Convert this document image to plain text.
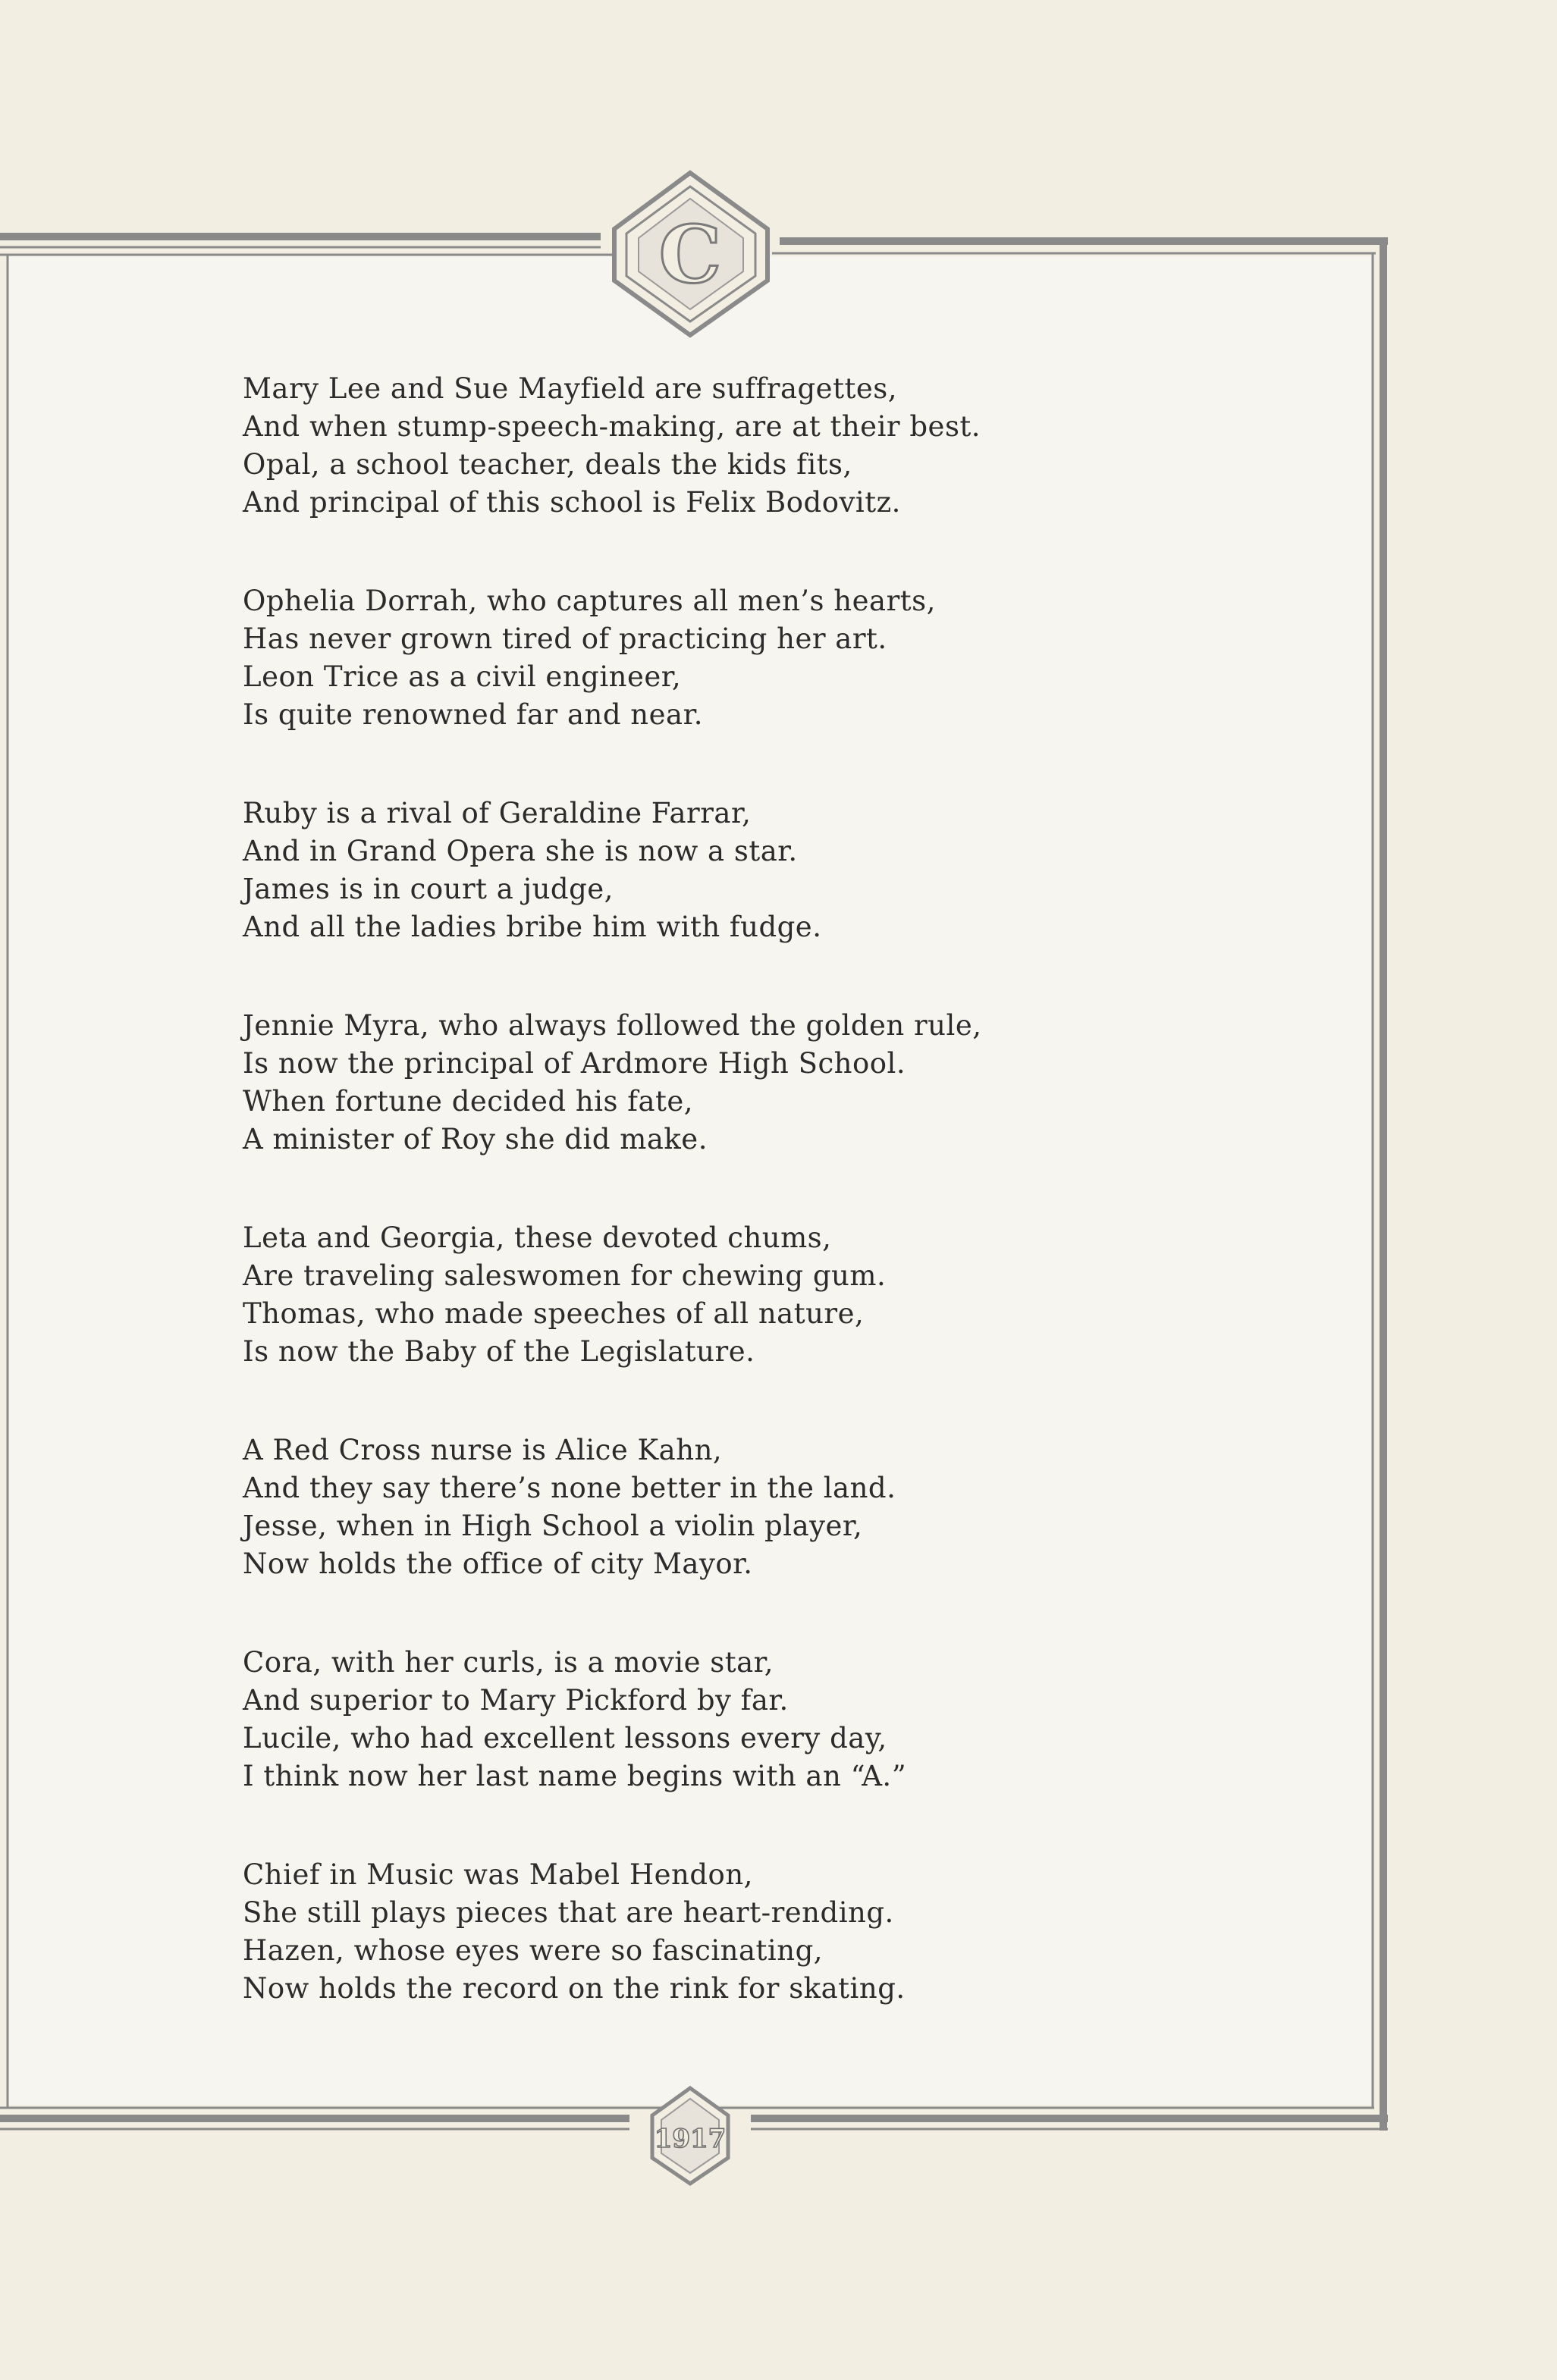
C
1917
Mary Lee and Sue Mayfield are suffragettes,
And when stump-speech-making, are at their best.
Opal, a school teacher, deals the kids fits,
And principal of this school is Felix Bodovitz.
Ophelia Dorrah, who captures all men’s hearts,
Has never grown tired of practicing her art.
Leon Trice as a civil engineer,
Is quite renowned far and near.
Ruby is a rival of Geraldine Farrar,
And in Grand Opera she is now a star.
James is in court a judge,
And all the ladies bribe him with fudge.
Jennie Myra, who always followed the golden rule,
Is now the principal of Ardmore High School.
When fortune decided his fate,
A minister of Roy she did make.
Leta and Georgia, these devoted chums,
Are traveling saleswomen for chewing gum.
Thomas, who made speeches of all nature,
Is now the Baby of the Legislature.
A Red Cross nurse is Alice Kahn,
And they say there’s none better in the land.
Jesse, when in High School a violin player,
Now holds the office of city Mayor.
Cora, with her curls, is a movie star,
And superior to Mary Pickford by far.
Lucile, who had excellent lessons every day,
I think now her last name begins with an “A.”
Chief in Music was Mabel Hendon,
She still plays pieces that are heart-rending.
Hazen, whose eyes were so fascinating,
Now holds the record on the rink for skating.
